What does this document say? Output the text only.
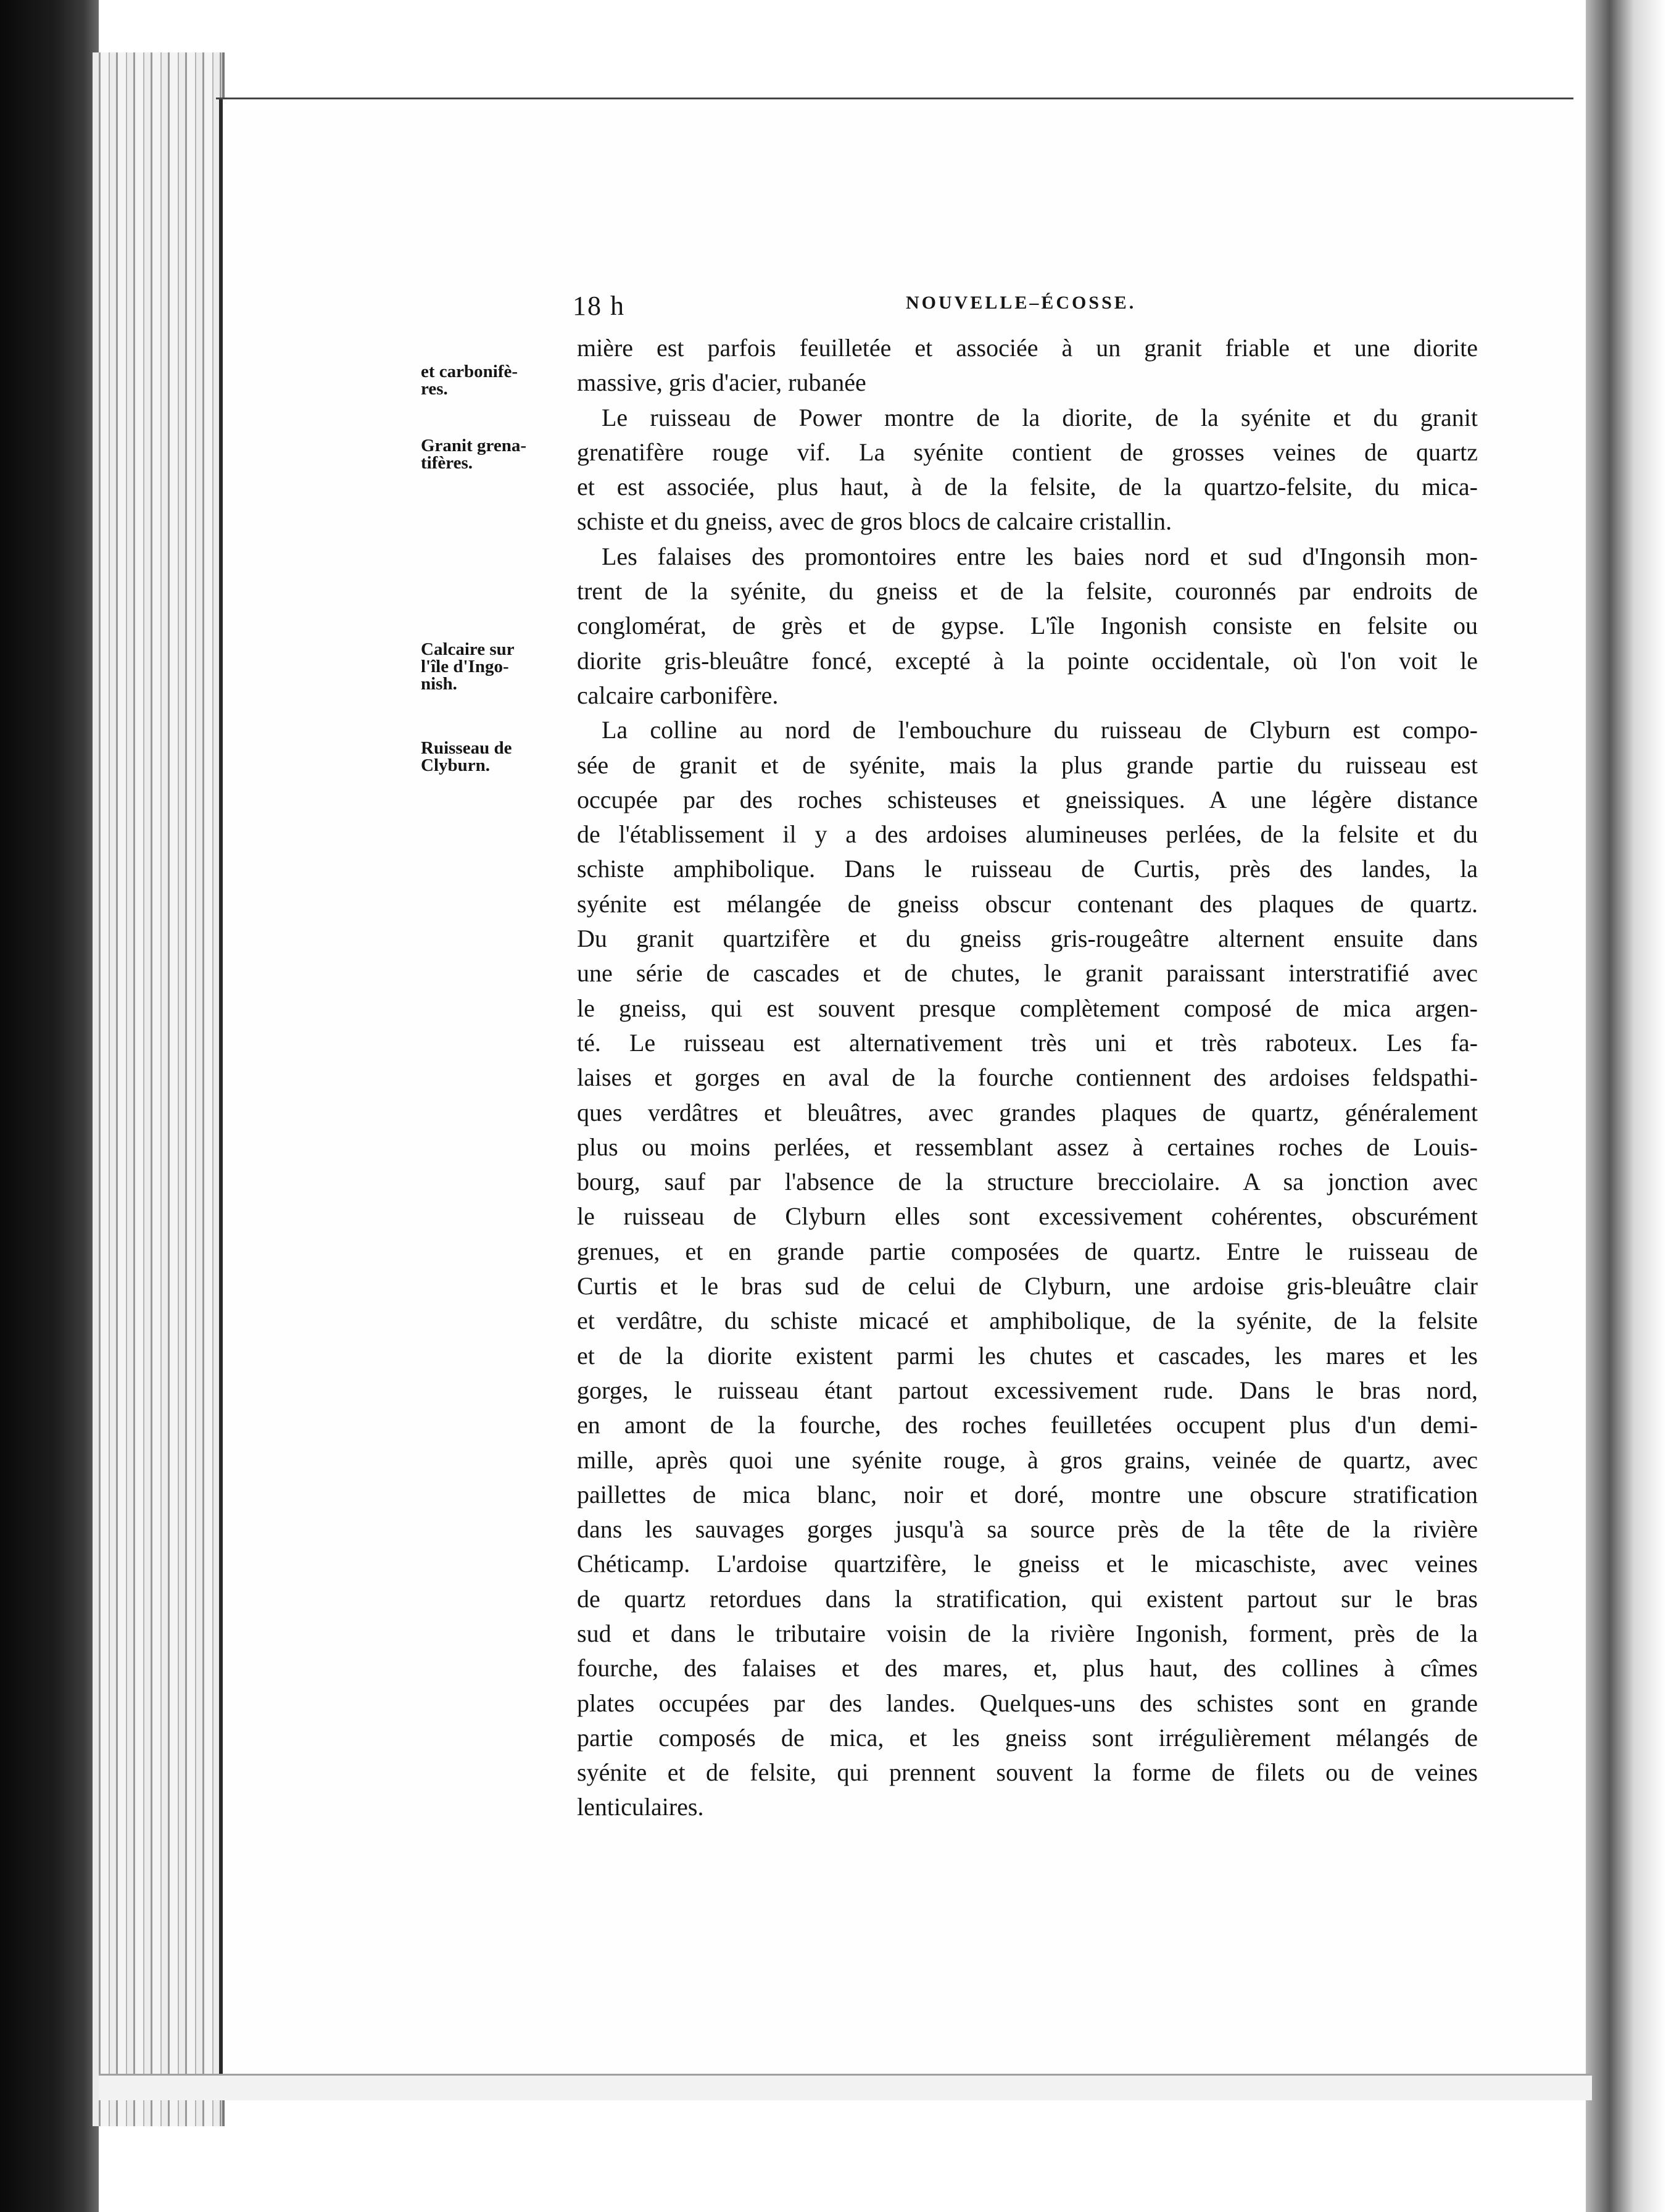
18 h	NOUVELLE–ÉCOSSE.
et carbonifè-
res.
Granit grena-
tifères.
Calcaire sur
l'île d'Ingo-
nish.
Ruisseau de
Clyburn.
mière est parfois feuilletée et associée à un granit friable et une diorite
massive, gris d'acier, rubanée
Le ruisseau de Power montre de la diorite, de la syénite et du granit
grenatifère rouge vif. La syénite contient de grosses veines de quartz
et est associée, plus haut, à de la felsite, de la quartzo-felsite, du mica-
schiste et du gneiss, avec de gros blocs de calcaire cristallin.
Les falaises des promontoires entre les baies nord et sud d'Ingonsih mon-
trent de la syénite, du gneiss et de la felsite, couronnés par endroits de
conglomérat, de grès et de gypse. L'île Ingonish consiste en felsite ou
diorite gris-bleuâtre foncé, excepté à la pointe occidentale, où l'on voit le
calcaire carbonifère.
La colline au nord de l'embouchure du ruisseau de Clyburn est compo-
sée de granit et de syénite, mais la plus grande partie du ruisseau est
occupée par des roches schisteuses et gneissiques. A une légère distance
de l'établissement il y a des ardoises alumineuses perlées, de la felsite et du
schiste amphibolique. Dans le ruisseau de Curtis, près des landes, la
syénite est mélangée de gneiss obscur contenant des plaques de quartz.
Du granit quartzifère et du gneiss gris-rougeâtre alternent ensuite dans
une série de cascades et de chutes, le granit paraissant interstratifié avec
le gneiss, qui est souvent presque complètement composé de mica argen-
té. Le ruisseau est alternativement très uni et très raboteux. Les fa-
laises et gorges en aval de la fourche contiennent des ardoises feldspathi-
ques verdâtres et bleuâtres, avec grandes plaques de quartz, généralement
plus ou moins perlées, et ressemblant assez à certaines roches de Louis-
bourg, sauf par l'absence de la structure brecciolaire. A sa jonction avec
le ruisseau de Clyburn elles sont excessivement cohérentes, obscurément
grenues, et en grande partie composées de quartz. Entre le ruisseau de
Curtis et le bras sud de celui de Clyburn, une ardoise gris-bleuâtre clair
et verdâtre, du schiste micacé et amphibolique, de la syénite, de la felsite
et de la diorite existent parmi les chutes et cascades, les mares et les
gorges, le ruisseau étant partout excessivement rude. Dans le bras nord,
en amont de la fourche, des roches feuilletées occupent plus d'un demi-
mille, après quoi une syénite rouge, à gros grains, veinée de quartz, avec
paillettes de mica blanc, noir et doré, montre une obscure stratification
dans les sauvages gorges jusqu'à sa source près de la tête de la rivière
Chéticamp. L'ardoise quartzifère, le gneiss et le micaschiste, avec veines
de quartz retordues dans la stratification, qui existent partout sur le bras
sud et dans le tributaire voisin de la rivière Ingonish, forment, près de la
fourche, des falaises et des mares, et, plus haut, des collines à cîmes
plates occupées par des landes. Quelques-uns des schistes sont en grande
partie composés de mica, et les gneiss sont irrégulièrement mélangés de
syénite et de felsite, qui prennent souvent la forme de filets ou de veines
lenticulaires.
